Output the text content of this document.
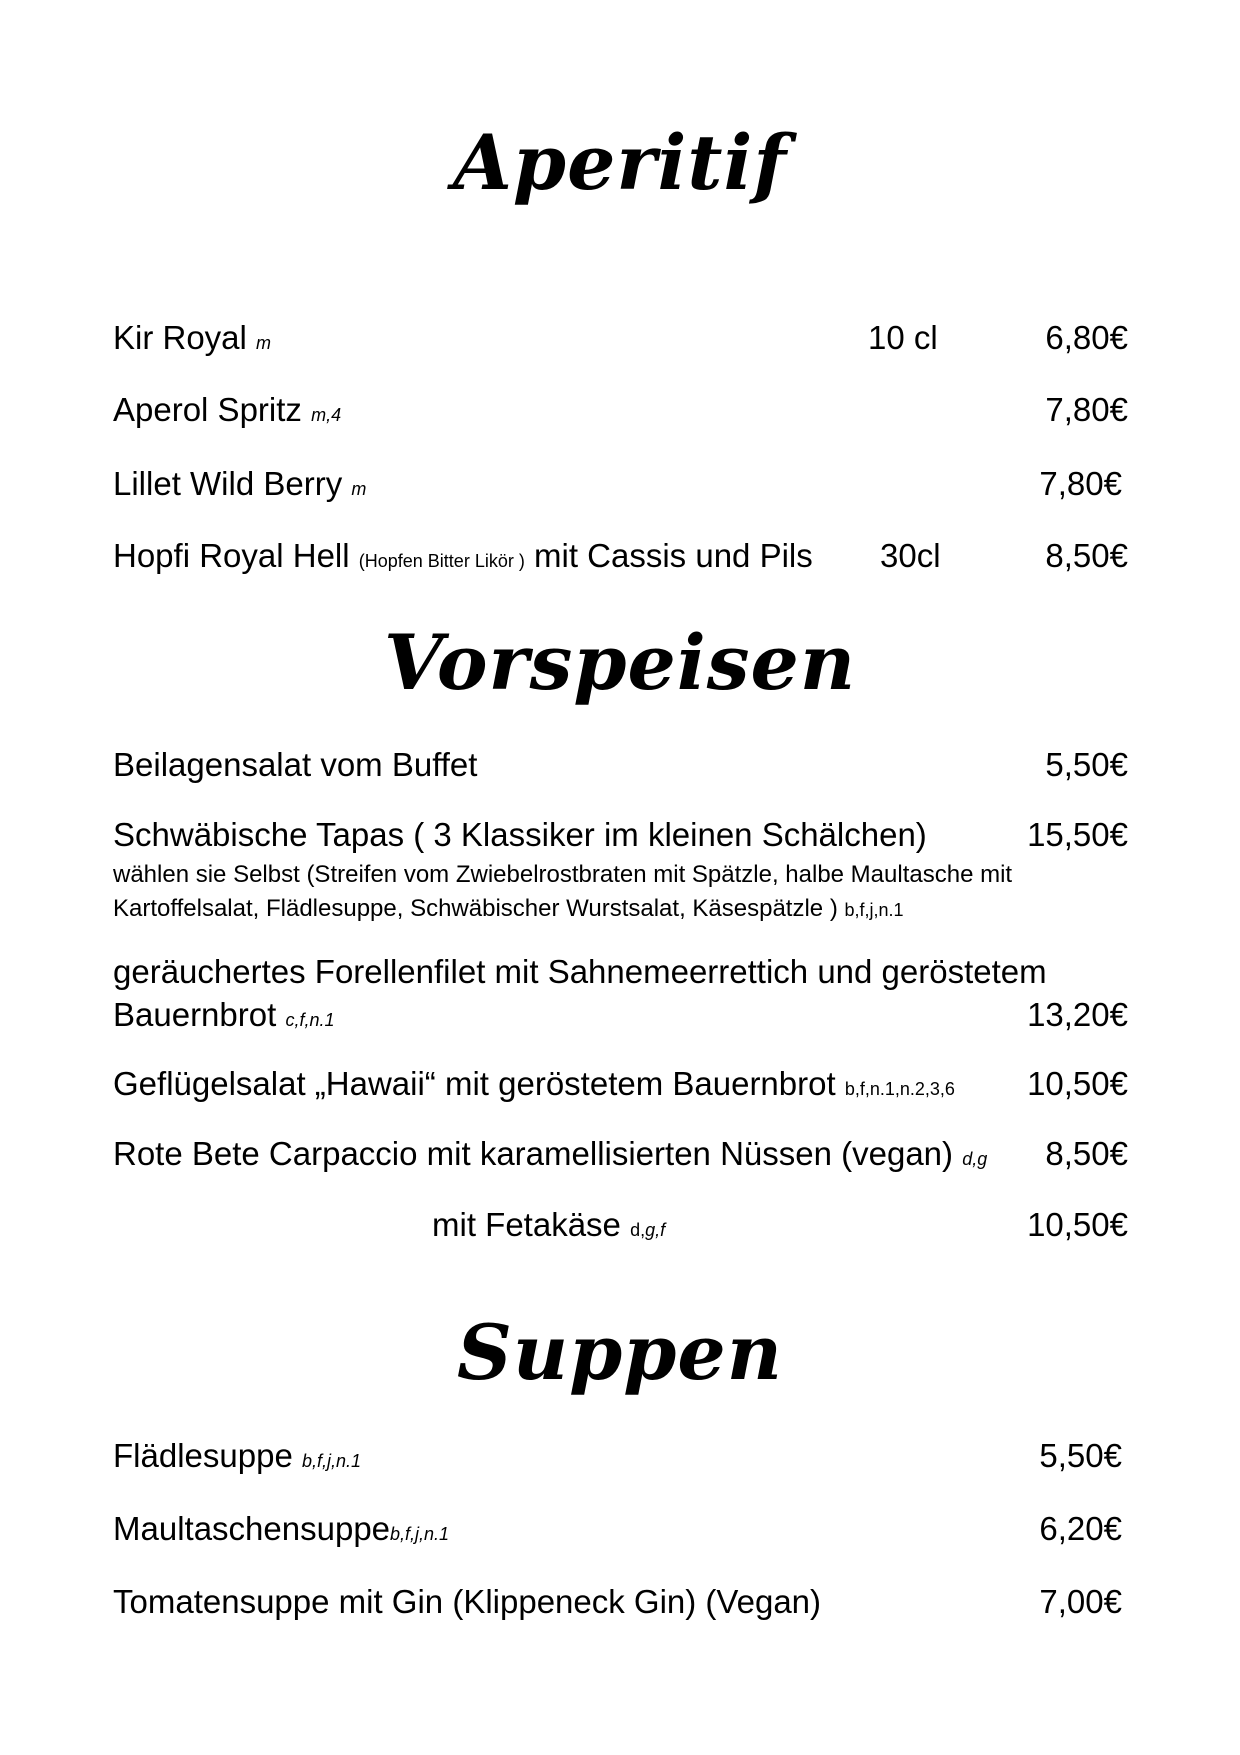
Aperitif
Kir Royal m	10 cl	6,80€
Aperol Spritz m,4	7,80€
Lillet Wild Berry m	7,80€
Hopfi Royal Hell (Hopfen Bitter Likör ) mit Cassis und Pils 30cl	8,50€
Vorspeisen
Beilagensalat vom Buffet	5,50€
Schwäbische Tapas ( 3 Klassiker im kleinen Schälchen)	15,50€
wählen sie Selbst (Streifen vom Zwiebelrostbraten mit Spätzle, halbe Maultasche mit
Kartoffelsalat, Flädlesuppe, Schwäbischer Wurstsalat, Käsespätzle ) b,f,j,n.1
geräuchertes Forellenfilet mit Sahnemeerrettich und geröstetem
Bauernbrot c,f,n.1	13,20€
Geflügelsalat „Hawaii“ mit geröstetem Bauernbrot b,f,n.1,n.2,3,6 10,50€
Rote Bete Carpaccio mit karamellisierten Nüssen (vegan) d,g 8,50€
mit Fetakäse d,g,f	10,50€
Suppen
Flädlesuppe b,f,j,n.1	5,50€
Maultaschensuppeb,f,j,n.1	6,20€
Tomatensuppe mit Gin (Klippeneck Gin) (Vegan)	7,00€
